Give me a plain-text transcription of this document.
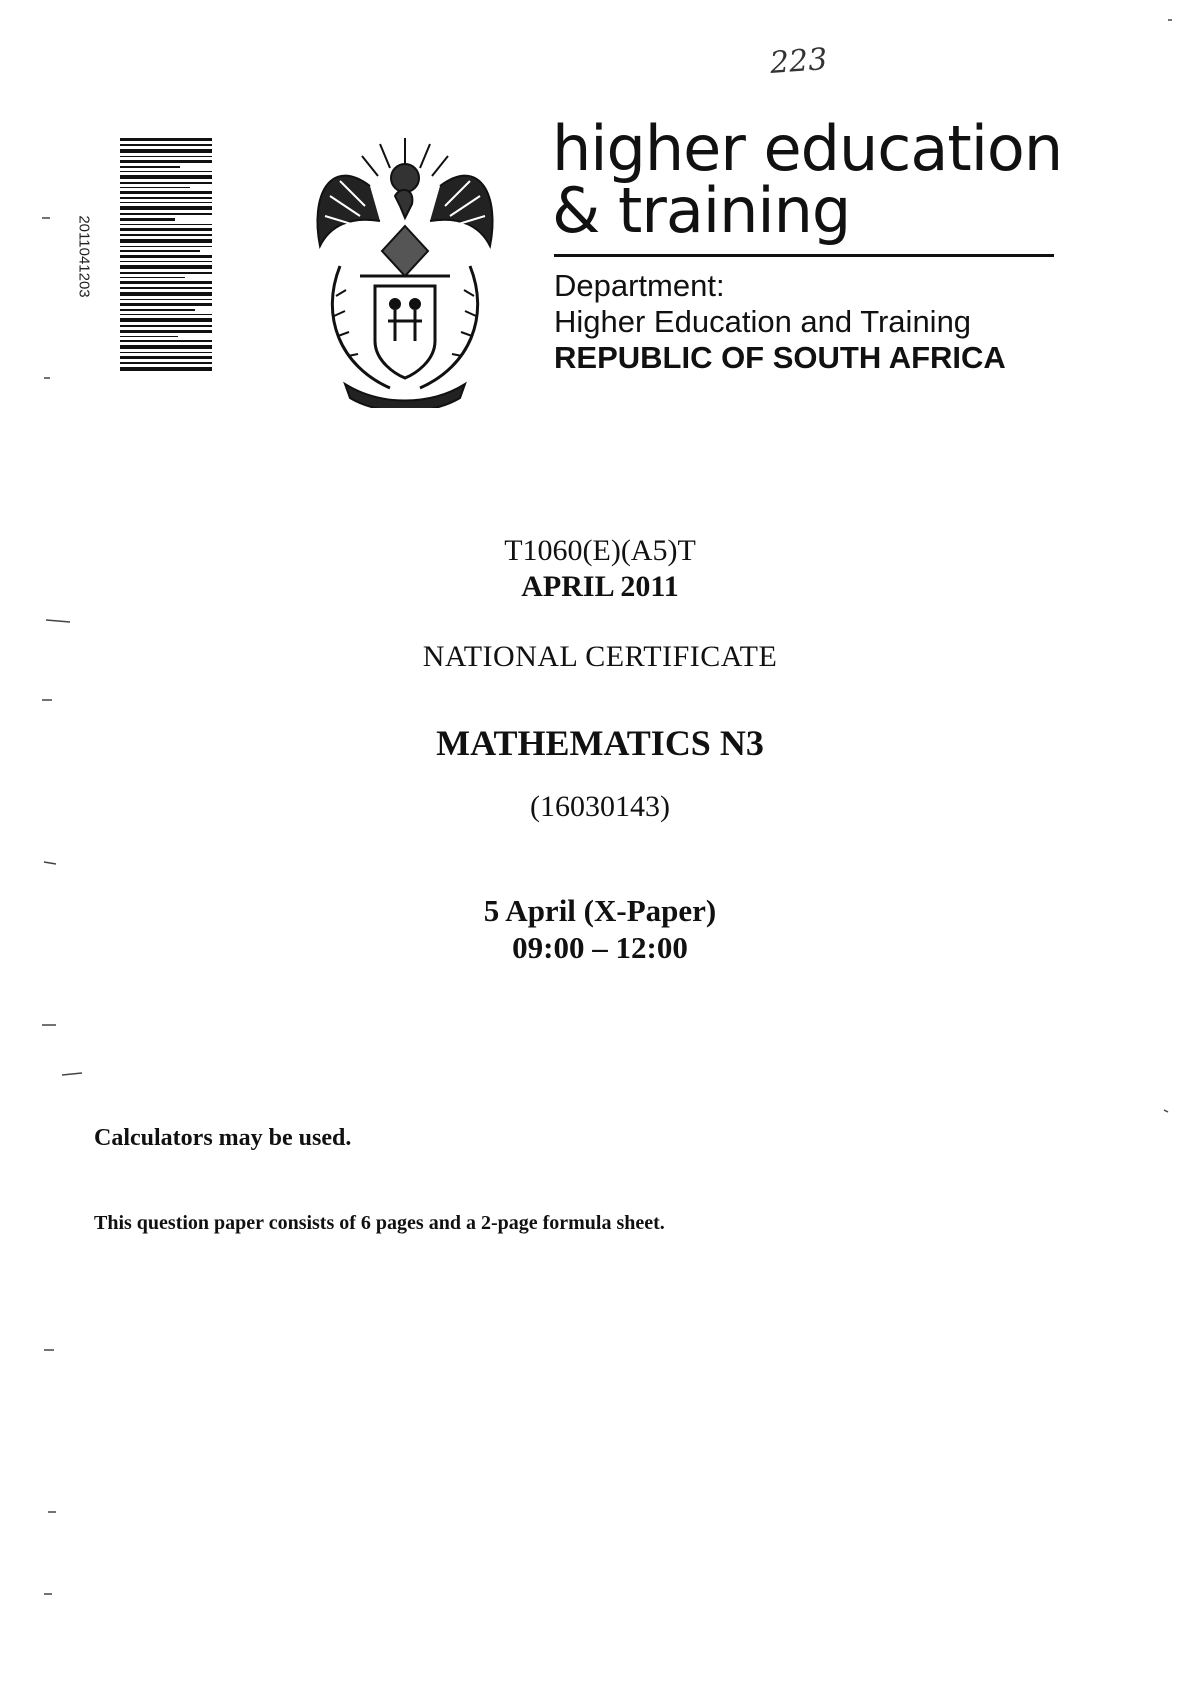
223
2011041203
higher education
& training
Department:
Higher Education and Training
REPUBLIC OF SOUTH AFRICA
T1060(E)(A5)T
APRIL 2011
NATIONAL CERTIFICATE
MATHEMATICS N3
(16030143)
5 April (X-Paper)
09:00 – 12:00
Calculators may be used.
This question paper consists of 6 pages and a 2-page formula sheet.
